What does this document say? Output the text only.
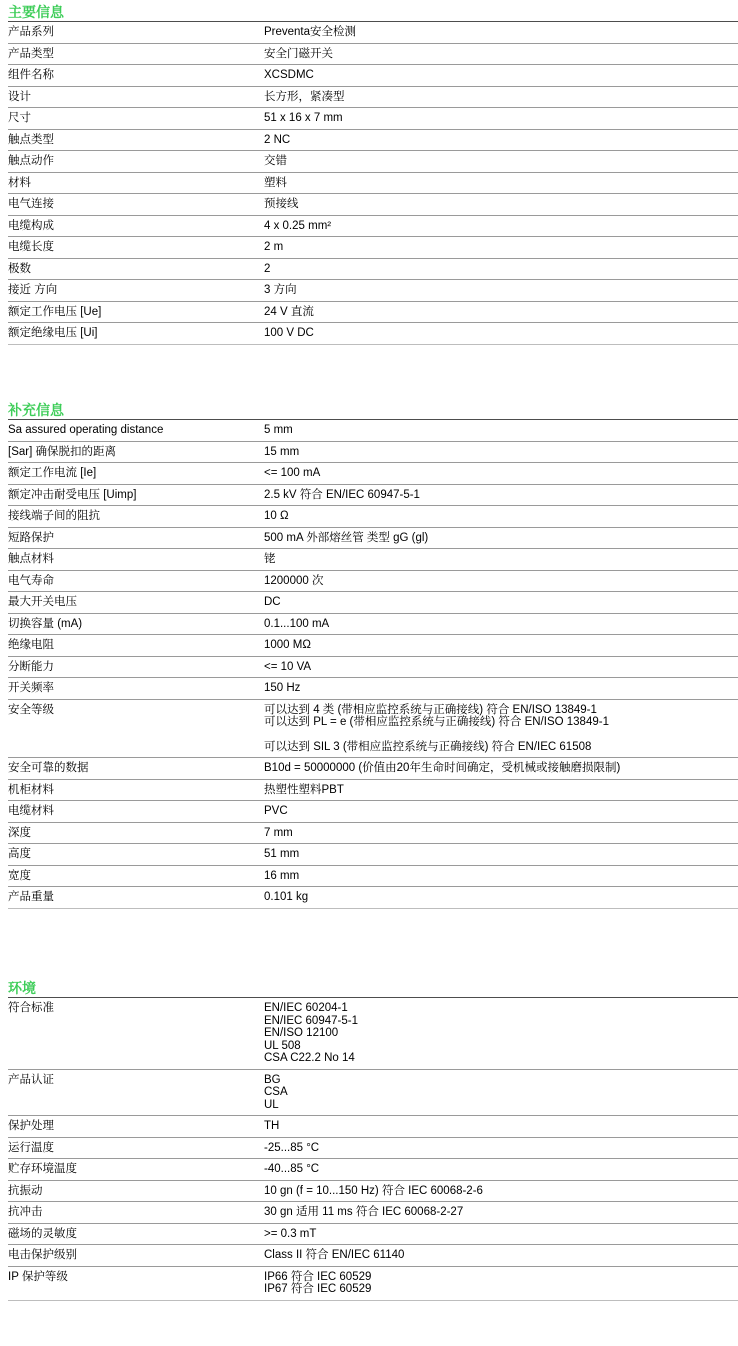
主要信息
产品系列	Preventa安全检测

产品类型	安全门磁开关

组件名称	XCSDMC

设计	长方形，紧凑型

尺寸	51 x 16 x 7 mm

触点类型	2 NC

触点动作	交错

材料	塑料

电气连接	预接线

电缆构成	4 x 0.25 mm²

电缆长度	2 m

极数	2

接近 方向	3 方向

额定工作电压 [Ue]	24 V 直流

额定绝缘电压 [Ui]	100 V DC
补充信息
Sa assured operating distance	5 mm

[Sar] 确保脱扣的距离	15 mm

额定工作电流 [Ie]	<= 100 mA

额定冲击耐受电压 [Uimp]	2.5 kV 符合 EN/IEC 60947-5-1

接线端子间的阻抗	10 Ω

短路保护	500 mA 外部熔丝管 类型 gG (gl)

触点材料	铑

电气寿命	1200000 次

最大开关电压	DC

切换容量 (mA)	0.1...100 mA

绝缘电阻	1000 MΩ

分断能力	<= 10 VA

开关频率	150 Hz

安全等级	可以达到 4 类 (带相应监控系统与正确接线) 符合 EN/ISO 13849-1
可以达到 PL = e (带相应监控系统与正确接线) 符合 EN/ISO 13849-1
可以达到 SIL 3 (带相应监控系统与正确接线) 符合 EN/IEC 61508

安全可靠的数据	B10d = 50000000 (价值由20年生命时间确定，受机械或接触磨损限制)

机柜材料	热塑性塑料PBT

电缆材料	PVC

深度	7 mm

高度	51 mm

宽度	16 mm

产品重量	0.101 kg
环境
符合标准	EN/IEC 60204-1
EN/IEC 60947-5-1
EN/ISO 12100
UL 508
CSA C22.2 No 14

产品认证	BG
CSA
UL

保护处理	TH

运行温度	-25...85 °C

贮存环境温度	-40...85 °C

抗振动	10 gn (f = 10...150 Hz) 符合 IEC 60068-2-6

抗冲击	30 gn 适用 11 ms 符合 IEC 60068-2-27

磁场的灵敏度	>= 0.3 mT

电击保护级别	Class II 符合 EN/IEC 61140

IP 保护等级	IP66 符合 IEC 60529
IP67 符合 IEC 60529
